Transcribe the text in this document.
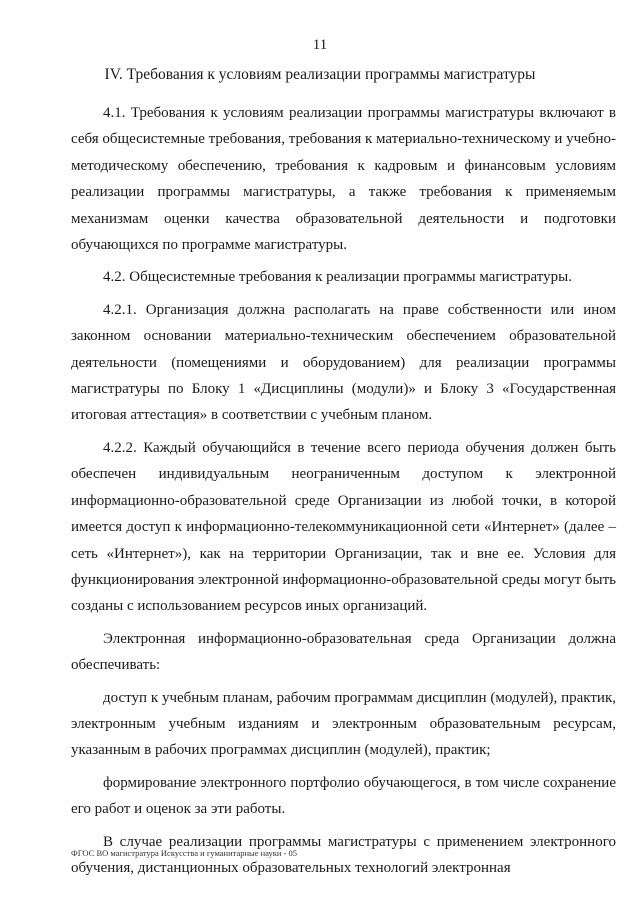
11
IV. Требования к условиям реализации программы магистратуры

4.1. Требования к условиям реализации программы магистратуры включают в себя общесистемные требования, требования к материально-техническому и учебно-методическому обеспечению, требования к кадровым и финансовым условиям реализации программы магистратуры, а также требования к применяемым механизмам оценки качества образовательной деятельности и подготовки обучающихся по программе магистратуры.

4.2. Общесистемные требования к реализации программы магистратуры.

4.2.1. Организация должна располагать на праве собственности или ином законном основании материально-техническим обеспечением образовательной деятельности (помещениями и оборудованием) для реализации программы магистратуры по Блоку 1 «Дисциплины (модули)» и Блоку 3 «Государственная итоговая аттестация» в соответствии с учебным планом.

4.2.2. Каждый обучающийся в течение всего периода обучения должен быть обеспечен индивидуальным неограниченным доступом к электронной информационно-образовательной среде Организации из любой точки, в которой имеется доступ к информационно-телекоммуникационной сети «Интернет» (далее – сеть «Интернет»), как на территории Организации, так и вне ее. Условия для функционирования электронной информационно-образовательной среды могут быть созданы с использованием ресурсов иных организаций.

Электронная информационно-образовательная среда Организации должна обеспечивать:

доступ к учебным планам, рабочим программам дисциплин (модулей), практик, электронным учебным изданиям и электронным образовательным ресурсам, указанным в рабочих программах дисциплин (модулей), практик;

формирование электронного портфолио обучающегося, в том числе сохранение его работ и оценок за эти работы.

В случае реализации программы магистратуры с применением электронного обучения, дистанционных образовательных технологий электронная

ФГОС ВО магистратура Искусства и гуманитарные науки - 05
